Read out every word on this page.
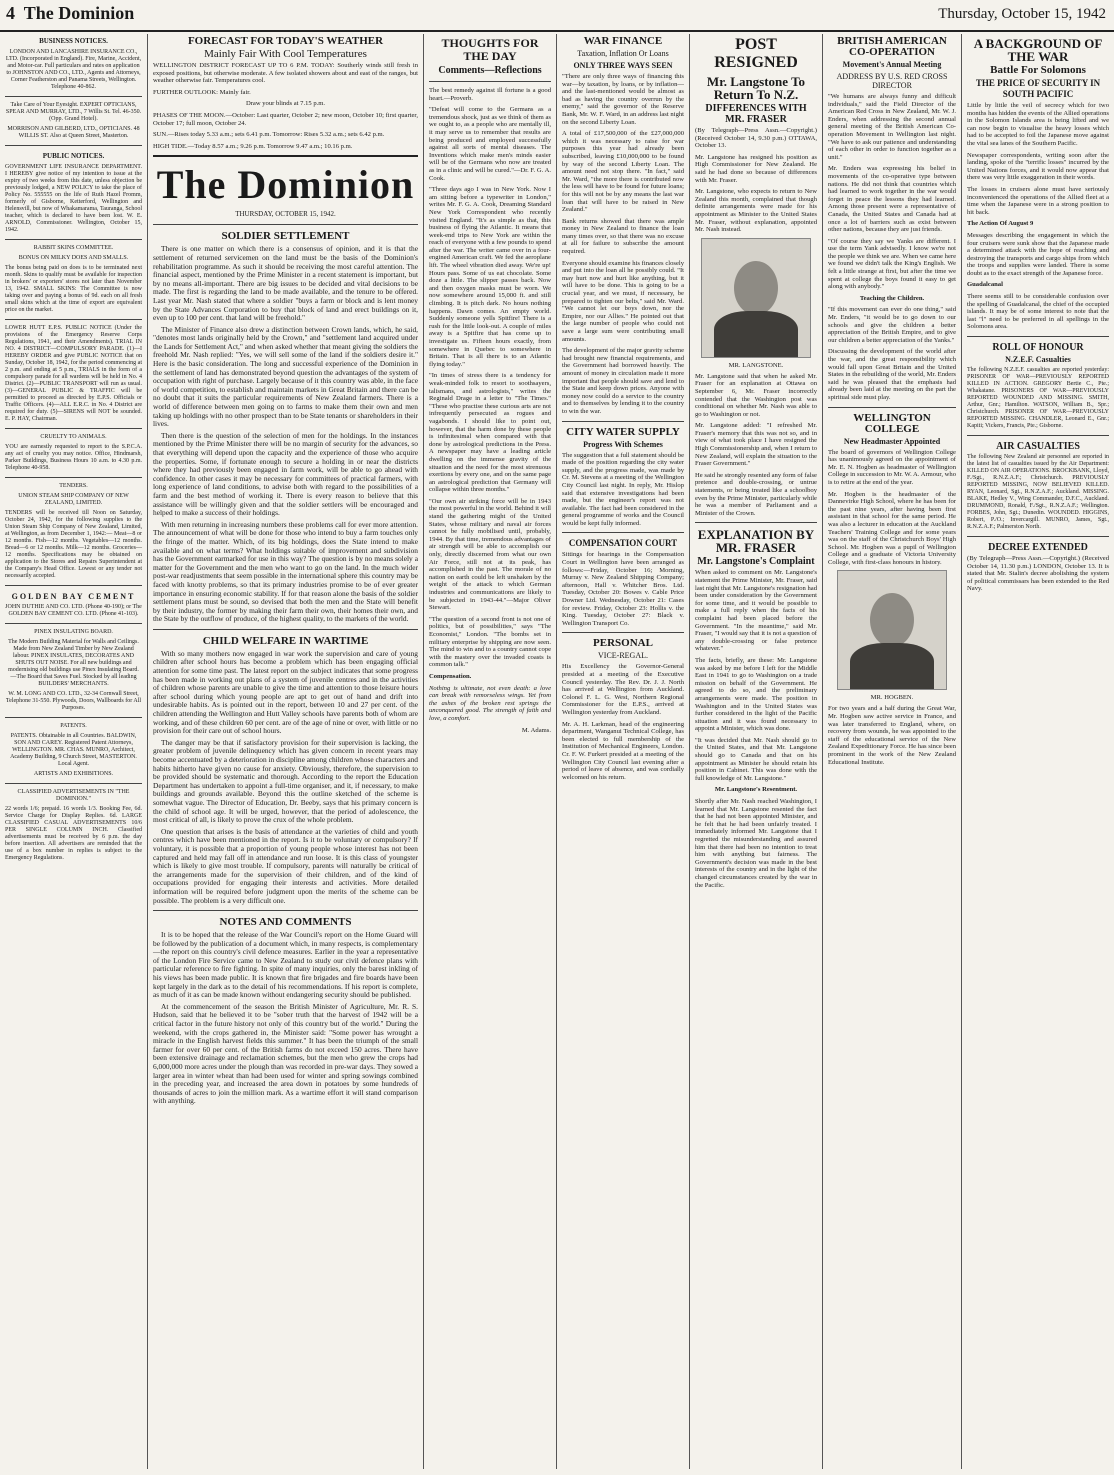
4 The Dominion	Thursday, October 15, 1942
BUSINESS NOTICES.

LONDON AND LANCASHIRE INSURANCE CO., LTD. (Incorporated in England). Fire, Marine, Accident, and Motor-car. Full particulars and rates on application to JOHNSTON AND CO., LTD., Agents and Attorneys, Corner Featherston and Panama Streets, Wellington. Telephone 40-862.

Take Care of Your Eyesight. EXPERT OPTICIANS, SPEAR AND MURRAY, LTD., 7 Willis St. Tel. 46-350. (Opp. Grand Hotel).

MORRISON AND GILBERD, LTD., OPTICIANS. 48 WILLIS ST. Also at Queen Street, Masterton.

PUBLIC NOTICES.

GOVERNMENT LIFE INSURANCE DEPARTMENT. I HEREBY give notice of my intention to issue at the expiry of two weeks from this date, unless objection be previously lodged, a NEW POLICY to take the place of Policy No. 555555 on the life of Ruth Hazel Fromm, formerly of Gisborne, Ketterford, Wellington and Helensvill, but now of Whakamarama, Tauranga, School teacher, which is declared to have been lost. W. E. ARNOLD, Commissioner. Wellington, October 15, 1942.

RABBIT SKINS COMMITTEE.
BONUS ON MILKY DOES AND SMALLS.

The bonus being paid on does is to be terminated next month. Skins to qualify must be available for inspection in brokers' or exporters' stores not later than November 13, 1942. SMALL SKINS: The Committee is now taking over and paying a bonus of 9d. each on all fresh small skins which at the time of export are equivalent price on the market.

LOWER HUTT E.P.S. PUBLIC NOTICE (Under the provisions of the Emergency Reserve Corps Regulations, 1941, and their Amendments). TRIAL IN NO. 4 DISTRICT—COMPULSORY PARADE. (1)—I HEREBY ORDER and give PUBLIC NOTICE that on Sunday, October 18, 1942, for the period commencing at 2 p.m. and ending at 5 p.m., TRIALS in the form of a compulsory parade for all wardens will be held in No. 4 District. (2)—PUBLIC TRANSPORT will run as usual. (3)—GENERAL PUBLIC & TRAFFIC will be permitted to proceed as directed by E.P.S. Officials or Traffic Officers. (4)—ALL E.R.C. in No. 4 District are required for duty. (5)—SIRENS will NOT be sounded. E. P. HAY, Chairman.

CRUELTY TO ANIMALS.

YOU are earnestly requested to report to the S.P.C.A. any act of cruelty you may notice. Office, Hindmarsh, Parker Buildings, Business Hours 10 a.m. to 4.30 p.m. Telephone 40-958.

TENDERS.
UNION STEAM SHIP COMPANY OF NEW ZEALAND, LIMITED.

TENDERS will be received till Noon on Saturday, October 24, 1942, for the following supplies to the Union Steam Ship Company of New Zealand, Limited, at Wellington, as from December 1, 1942:— Meat—8 or 12 months. Fish—12 months. Vegetables—12 months. Bread—6 or 12 months. Milk—12 months. Groceries—12 months. Specifications may be obtained on application to the Stores and Repairs Superintendent at the Company's Head Office. Lowest or any tender not necessarily accepted.

GOLDEN BAY CEMENT

JOHN DUTHIE AND CO. LTD. (Phone 40-190); or The GOLDEN BAY CEMENT CO. LTD. (Phone 41-103).

PINEX INSULATING BOARD.

The Modern Building Material for Walls and Ceilings. Made from New Zealand Timber by New Zealand labour. PINEX INSULATES, DECORATES AND SHUTS OUT NOISE. For all new buildings and modernising old buildings use Pinex Insulating Board. —The Board that Saves Fuel. Stocked by all leading BUILDERS' MERCHANTS.

W. M. LONG AND CO. LTD., 32-34 Cornwall Street, Telephone 31-550. Plywoods, Doors, Wallboards for All Purposes.

PATENTS.

PATENTS. Obtainable in all Countries. BALDWIN, SON AND CAREY. Registered Patent Attorneys, WELLINGTON. MR. CHAS. MUNRO, Architect, Academy Building, 9 Church Street, MASTERTON. Local Agent.

ARTISTS AND EXHIBITIONS.
CLASSIFIED ADVERTISEMENTS IN "THE DOMINION."

22 words 1/6; prepaid. 16 words 1/3. Booking Fee, 6d. Service Charge for Display Replies. 6d. LARGE CLASSIFIED CASUAL ADVERTISEMENTS 10/6 PER SINGLE COLUMN INCH. Classified advertisements must be received by 6 p.m. the day before insertion. All advertisers are reminded that the use of a box number in replies is subject to the Emergency Regulations.

FORECAST FOR TODAY'S WEATHER
Mainly Fair With Cool Temperatures

WELLINGTON DISTRICT FORECAST UP TO 6 P.M. TODAY: Southerly winds still fresh in exposed positions, but otherwise moderate. A few isolated showers about and east of the ranges, but weather otherwise fair. Temperatures cool.

FURTHER OUTLOOK: Mainly fair.

Draw your blinds at 7.15 p.m.

PHASES OF THE MOON.—October: Last quarter, October 2; new moon, October 10; first quarter, October 17; full moon, October 24.

SUN.—Rises today 5.33 a.m.; sets 6.41 p.m. Tomorrow: Rises 5.32 a.m.; sets 6.42 p.m.

HIGH TIDE.—Today 8.57 a.m.; 9.26 p.m. Tomorrow 9.47 a.m.; 10.16 p.m.

The Dominion
THURSDAY, OCTOBER 15, 1942.
SOLDIER SETTLEMENT

There is one matter on which there is a consensus of opinion, and it is that the settlement of returned servicemen on the land must be the basis of the Dominion's rehabilitation programme. As such it should be receiving the most careful attention. The financial aspect, mentioned by the Prime Minister in a recent statement is important, but by no means all-important. There are big issues to be decided and vital decisions to be made. The first is regarding the land to be made available, and the tenure to be offered. Last year Mr. Nash stated that where a soldier "buys a farm or block and is lent money by the State Advances Corporation to buy that block of land and erect buildings on it, even up to 100 per cent. that land will be freehold."

The Minister of Finance also drew a distinction between Crown lands, which, he said, "denotes most lands originally held by the Crown," and "settlement land acquired under the Lands for Settlement Act," and when asked whether that meant giving the soldiers the freehold Mr. Nash replied: "Yes, we will sell some of the land if the soldiers desire it." Here is the basic consideration. The long and successful experience of the Dominion in the settlement of land has demonstrated beyond question the advantages of the system of occupation with right of purchase. Largely because of it this country was able, in the face of world competition, to establish and maintain markets in Great Britain and there can be no doubt that it suits the particular requirements of New Zealand farmers. There is a world of difference between men going on to farms to make them their own and men taking up holdings with no other prospect than to be State tenants or shareholders in their lives.

Then there is the question of the selection of men for the holdings. In the instances mentioned by the Prime Minister there will be no margin of security for the advances, so that everything will depend upon the capacity and the experience of those who acquire the properties. Some, if fortunate enough to secure a holding in or near the districts where they had previously been engaged in farm work, will be able to go ahead with confidence. In other cases it may be necessary for committees of practical farmers, with long experience of land conditions, to advise both with regard to the possibilities of a farm and the best method of working it. There is every reason to believe that this assistance will be willingly given and that the soldier settlers will be encouraged and helped to make a success of their holdings.

With men returning in increasing numbers these problems call for ever more attention. The announcement of what will be done for those who intend to buy a farm touches only the fringe of the matter. Which, of its big holdings, does the State intend to make available and on what terms? What holdings suitable of improvement and subdivision has the Government earmarked for use in this way? The question is by no means solely a matter for the Government and the men who want to go on the land. In the much wider post-war readjustments that seem possible in the international sphere this country may be faced with knotty problems, so that its primary industries promise to be of ever greater importance in ensuring economic stability. If for that reason alone the basis of the soldier settlement plans must be sound, so devised that both the men and the State will benefit by their industry, the former by making their farm their own, their homes their own, and the State by the outflow of produce, of the highest quality, to the markets of the world.

CHILD WELFARE IN WARTIME

With so many mothers now engaged in war work the supervision and care of young children after school hours has become a problem which has been engaging official attention for some time past. The latest report on the subject indicates that some progress has been made in working out plans of a system of juvenile centres and in the activities of children whose parents are unable to give the time and attention to those leisure hours after school during which young people are apt to get out of hand and drift into undesirable habits. As is pointed out in the report, between 10 and 27 per cent. of the children attending the Wellington and Hutt Valley schools have parents both of whom are working, and of these children 60 per cent. are of the age of nine or over, with little or no provision for their care out of school hours.

The danger may be that if satisfactory provision for their supervision is lacking, the greater problem of juvenile delinquency which has given concern in recent years may become accentuated by a deterioration in discipline among children whose characters and habits hitherto have given no cause for anxiety. Obviously, therefore, the supervision to be provided should be systematic and thorough. According to the report the Education Department has undertaken to appoint a full-time organiser, and it, if necessary, to make buildings and grounds available. Beyond this the outline sketched of the scheme is somewhat vague. The Director of Education, Dr. Beeby, says that his primary concern is the child of school age. It will be urged, however, that the period of adolescence, the most critical of all, is likely to prove the crux of the whole problem.

One question that arises is the basis of attendance at the varieties of child and youth centres which have been mentioned in the report. Is it to be voluntary or compulsory? If voluntary, it is possible that a proportion of young people whose interest has not been captured and held may fall off in attendance and run loose. It is this class of youngster which is likely to give most trouble. If compulsory, parents will naturally be critical of the arrangements made for the supervision of their children, and of the kind of occupations provided for engaging their interests and activities. More detailed information will be required before judgment upon the merits of the scheme can be possible. The problem is a very difficult one.

NOTES AND COMMENTS

It is to be hoped that the release of the War Council's report on the Home Guard will be followed by the publication of a document which, in many respects, is complementary—the report on this country's civil defence measures. Earlier in the year a representative of the London Fire Service came to New Zealand to study our civil defence plans with particular reference to fire fighting. In spite of many inquiries, only the barest inkling of his views has been made public. It is known that fire brigades and fire boards have been kept largely in the dark as to the detail of his recommendations. If his report is complete, as much of it as can be made known without endangering security should be published.

At the commencement of the season the British Minister of Agriculture, Mr. R. S. Hudson, said that he believed it to be "sober truth that the harvest of 1942 will be a critical factor in the future history not only of this country but of the world." During the weekend, with the crops gathered in, the Minister said: "Some power has wrought a miracle in the English harvest fields this summer." It has been the triumph of the small farmer for over 60 per cent. of the British farms do not exceed 150 acres. There have been extensive drainage and reclamation schemes, but the men who grew the crops had 6,000,000 more acres under the plough than was recorded in pre-war days. They sowed a larger area in winter wheat than had been used for winter and spring sowings combined in the preceding year, and increased the area down in potatoes by some hundreds of thousands of acres to join the million mark. As a wartime effort it will stand comparison with anything.

THOUGHTS FOR THE DAY
Comments—Reflections

The best remedy against ill fortune is a good heart.—Proverb.

"Defeat will come to the Germans as a tremendous shock, just as we think of them as we ought to, as a people who are mentally ill, it may serve us to remember that results are being produced and employed successfully against all sorts of mental diseases. The Inventions which make men's minds easier will be of the Germans who now are treated as in a clinic and will be cured."—Dr. F. G. A. Cook.

"Three days ago I was in New York. Now I am sitting before a typewriter in London," writes Mr. F. G. A. Cook, Dreaming Standard New York Correspondent who recently visited England. "It's as simple as that, this business of flying the Atlantic. It means that week-end trips to New York are within the reach of everyone with a few pounds to spend after the war. The writer came over in a four-engined American craft. We fed the aeroplane lift. The wheel vibration died away. We're up! Hours pass. Some of us eat chocolate. Some doze a little. The slipper passes back. Now and then oxygen masks must be worn. We now somewhere around 15,000 ft. and still climbing. It is pitch dark. No hours nothing happens. Dawn comes. An empty world. Suddenly someone yells Spitfire! There is a rush for the little look-out. A couple of miles away is a Spitfire that has come up to investigate us. Fifteen hours exactly, from somewhere in Quebec to somewhere in Britain. That is all there is to an Atlantic flying today."

"In times of stress there is a tendency for weak-minded folk to resort to soothsayers, talismans, and astrologists," writes the Reginald Drage in a letter to "The Times." "These who practise these curious arts are not infrequently persecuted as rogues and vagabonds. I should like to point out, however, that the harm done by these people is infinitesimal when compared with that done by astrological predictions in the Press. A newspaper may have a leading article dwelling on the immense gravity of the situation and the need for the most strenuous exertions by every one, and on the same page an astrological prediction that Germany will collapse within three months."

"Our own air striking force will be in 1943 the most powerful in the world. Behind it will stand the gathering might of the United States, whose military and naval air forces cannot be fully mobilised until, probably, 1944. By that time, tremendous advantages of air strength will be able to accomplish our only, directly discerned from what our own Air Force, still not at its peak, has accomplished in the past. The morale of no nation on earth could be left unshaken by the weight of the attack to which German industries and communications are likely to be subjected in 1943-44."—Major Oliver Stewart.

"The question of a second front is not one of politics, but of possibilities," says "The Economist," London. "The bombs set in military enterprise by shipping are now seen. The mind to win and to a country cannot cope with the mastery over the invaded coasts is common talk."

Compensation.

Nothing is ultimate, not even death: a love can break with remorseless wings. Yet from the ashes of the broken rest springs the unconquered good. The strength of faith and love, a comfort.

M. Adams.
WAR FINANCE
Taxation, Inflation Or Loans
ONLY THREE WAYS SEEN

"There are only three ways of financing this war—by taxation, by loans, or by inflation—and the last-mentioned would be almost as bad as having the country overrun by the enemy," said the governor of the Reserve Bank, Mr. W. F. Ward, in an address last night on the second Liberty Loan.

A total of £17,500,000 of the £27,000,000 which it was necessary to raise for war purposes this year had already been subscribed, leaving £10,000,000 to be found by way of the second Liberty Loan. The amount need not stop there. "In fact," said Mr. Ward, "the more there is contributed now the less will have to be found for future loans; for this will not be by any means the last war loan that will have to be raised in New Zealand."

Bank returns showed that there was ample money in New Zealand to finance the loan many times over, so that there was no excuse at all for failure to subscribe the amount required.

Everyone should examine his finances closely and put into the loan all he possibly could. "It may hurt now and hurt like anything, but it will have to be done. This is going to be a crucial year, and we must, if necessary, be prepared to tighten our belts," said Mr. Ward. "We cannot let our boys down, nor the Empire, nor our Allies." He pointed out that the large number of people who could not save a large sum were contributing small amounts.

The development of the major gravity scheme had brought new financial requirements, and the Government had borrowed heavily. The amount of money in circulation made it more important that people should save and lend to the State and keep down prices. Anyone with money now could do a service to the country and to themselves by lending it to the country to win the war.

CITY WATER SUPPLY
Progress With Schemes

The suggestion that a full statement should be made of the position regarding the city water supply, and the progress made, was made by Cr. M. Stevens at a meeting of the Wellington City Council last night. In reply, Mr. Hislop said that extensive investigations had been made, but the engineer's report was not available. The fact had been considered in the general programme of works and the Council would be kept fully informed.

COMPENSATION COURT

Sittings for hearings in the Compensation Court in Wellington have been arranged as follows:—Friday, October 16; Morning, Murray v. New Zealand Shipping Company; afternoon, Hall v. Whitcher Bros. Ltd. Tuesday, October 20: Bowes v. Cable Price Downer Ltd. Wednesday, October 21: Cases for review. Friday, October 23: Hollis v. the King. Tuesday, October 27: Black v. Wellington Transport Co.

PERSONAL
VICE-REGAL.

His Excellency the Governor-General presided at a meeting of the Executive Council yesterday. The Rev. Dr. J. J. North has arrived at Wellington from Auckland. Colonel F. L. G. West, Northern Regional Commissioner for the E.P.S., arrived at Wellington yesterday from Auckland.

Mr. A. H. Larkman, head of the engineering department, Wanganui Technical College, has been elected to full membership of the Institution of Mechanical Engineers, London. Cr. F. W. Furkert presided at a meeting of the Wellington City Council last evening after a period of leave of absence, and was cordially welcomed on his return.

POST RESIGNED
Mr. Langstone To Return To N.Z.
DIFFERENCES WITH MR. FRASER

(By Telegraph—Press Assn.—Copyright.) (Received October 14, 9.30 p.m.) OTTAWA, October 13.

Mr. Langstone has resigned his position as High Commissioner for New Zealand. He said he had done so because of differences with Mr. Fraser.

Mr. Langstone, who expects to return to New Zealand this month, complained that though definite arrangements were made for his appointment as Minister to the United States Mr. Fraser, without explanation, appointed Mr. Nash instead.

MR. LANGSTONE.

Mr. Langstone said that when he asked Mr. Fraser for an explanation at Ottawa on September 6, Mr. Fraser incorrectly contended that the Washington post was conditional on whether Mr. Nash was able to go to Washington or not.

Mr. Langstone added: "I refreshed Mr. Fraser's memory that this was not so, and in view of what took place I have resigned the High Commissionership and, when I return to New Zealand, will explain the situation to the Fraser Government."

He said he strongly resented any form of false pretence and double-crossing, or untrue statements, or being treated like a schoolboy even by the Prime Minister, particularly while he was a member of Parliament and a Minister of the Crown.

EXPLANATION BY MR. FRASER
Mr. Langstone's Complaint

When asked to comment on Mr. Langstone's statement the Prime Minister, Mr. Fraser, said last night that Mr. Langstone's resignation had been under consideration by the Government for some time, and it would be possible to make a full reply when the facts of his complaint had been placed before the Government. "In the meantime," said Mr. Fraser, "I would say that it is not a question of any double-crossing or false pretence whatever."

The facts, briefly, are these: Mr. Langstone was asked by me before I left for the Middle East in 1941 to go to Washington on a trade mission on behalf of the Government. He agreed to do so, and the preliminary arrangements were made. The position in Washington and in the United States was further considered in the light of the Pacific situation and it was found necessary to appoint a Minister, which was done.

"It was decided that Mr. Nash should go to the United States, and that Mr. Langstone should go to Canada and that on his appointment as Minister he should retain his position in Cabinet. This was done with the full knowledge of Mr. Langstone."

Mr. Langstone's Resentment.

Shortly after Mr. Nash reached Washington, I learned that Mr. Langstone resented the fact that he had not been appointed Minister, and he felt that he had been unfairly treated. I immediately informed Mr. Langstone that I regretted the misunderstanding and assured him that there had been no intention to treat him with anything but fairness. The Government's decision was made in the best interests of the country and in the light of the changed circumstances created by the war in the Pacific.

BRITISH AMERICAN CO-OPERATION
Movement's Annual Meeting
ADDRESS BY U.S. RED CROSS DIRECTOR

"We humans are always funny and difficult individuals," said the Field Director of the American Red Cross in New Zealand, Mr. W. J. Enders, when addressing the second annual general meeting of the British American Co-operation Movement in Wellington last night. "We have to ask our patience and understanding of each other in order to function together as a unit."

Mr. Enders was expressing his belief in movements of the co-operative type between nations. He did not think that countries which had learned to work together in the war would forget in peace the lessons they had learned. Among those present were a representative of Canada, the United States and Canada had at once a lot of barriers such as exist between other nations, because they are just friends.

"Of course they say we Yanks are different. I use the term Yank advisedly. I know we're not the people we think we are. When we came here we found we didn't talk the King's English. We felt a little strange at first, but after the time we spent at college the boys found it easy to get along with anybody."

Teaching the Children.

"If this movement can ever do one thing," said Mr. Enders, "it would be to go down to our schools and give the children a better appreciation of the British Empire, and to give our children a better appreciation of the Yanks."

Discussing the development of the world after the war, and the great responsibility which would fall upon Great Britain and the United States in the rebuilding of the world, Mr. Enders said he was pleased that the emphasis had already been laid at the meeting on the part the spiritual side must play.

WELLINGTON COLLEGE
New Headmaster Appointed

The board of governors of Wellington College has unanimously agreed on the appointment of Mr. E. N. Hogben as headmaster of Wellington College in succession to Mr. W. A. Armour, who is to retire at the end of the year.

Mr. Hogben is the headmaster of the Dannevirke High School, where he has been for the past nine years, after having been first assistant in that school for the same period. He was also a lecturer in education at the Auckland Teachers' Training College and for some years was on the staff of the Christchurch Boys' High School. Mr. Hogben was a pupil of Wellington College and a graduate of Victoria University College, with first-class honours in history.

MR. HOGBEN.

For two years and a half during the Great War, Mr. Hogben saw active service in France, and was later transferred to England, where, on recovery from wounds, he was appointed to the staff of the educational service of the New Zealand Expeditionary Force. He has since been prominent in the work of the New Zealand Educational Institute.

A BACKGROUND OF THE WAR
Battle For Solomons
THE PRICE OF SECURITY IN SOUTH PACIFIC

Little by little the veil of secrecy which for two months has hidden the events of the Allied operations in the Solomon Islands area is being lifted and we can now begin to visualise the heavy losses which had to be accepted to foil the Japanese move against the vital sea lanes of the Southern Pacific.

Newspaper correspondents, writing soon after the landing, spoke of the "terrific losses" incurred by the United Nations forces, and it would now appear that there was very little exaggeration in their words.

The losses in cruisers alone must have seriously inconvenienced the operations of the Allied fleet at a time when the Japanese were in a strong position to hit back.

The Action Of August 9

Messages describing the engagement in which the four cruisers were sunk show that the Japanese made a determined attack with the hope of reaching and destroying the transports and cargo ships from which the troops and supplies were landed. There is some doubt as to the exact strength of the Japanese force.

Guadalcanal

There seems still to be considerable confusion over the spelling of Guadalcanal, the chief of the occupied islands. It may be of some interest to note that the last "l" need to be preferred in all spellings in the Solomons area.

ROLL OF HONOUR
N.Z.E.F. Casualties

The following N.Z.E.F. casualties are reported yesterday: PRISONER OF WAR—PREVIOUSLY REPORTED KILLED IN ACTION. GREGORY Bertie C., Pte.; Whakatane. PRISONERS OF WAR—PREVIOUSLY REPORTED WOUNDED AND MISSING. SMITH, Arthur, Gnr.; Hamilton. WATSON, William B., Spr.; Christchurch. PRISONER OF WAR—PREVIOUSLY REPORTED MISSING. CHANDLER, Leonard E., Gnr.; Kapiti; Vickers, Francis, Pte.; Gisborne.

AIR CASUALTIES

The following New Zealand air personnel are reported in the latest list of casualties issued by the Air Department: KILLED ON AIR OPERATIONS. BROCKBANK, Lloyd, F./Sgt., R.N.Z.A.F.; Christchurch. PREVIOUSLY REPORTED MISSING, NOW BELIEVED KILLED. RYAN, Leonard, Sgt., R.N.Z.A.F.; Auckland. MISSING. BLAKE, Hedley V., Wing Commander, D.F.C., Auckland. DRUMMOND, Ronald, F./Sgt., R.N.Z.A.F.; Wellington. FORBES, John, Sgt.; Dunedin. WOUNDED. HIGGINS, Robert, P./O.; Invercargill. MUNRO, James, Sgt., R.N.Z.A.F.; Palmerston North.

DECREE EXTENDED

(By Telegraph—Press Assn.—Copyright.) (Received October 14, 11.30 p.m.) LONDON, October 13. It is stated that Mr. Stalin's decree abolishing the system of political commissars has been extended to the Red Navy.
